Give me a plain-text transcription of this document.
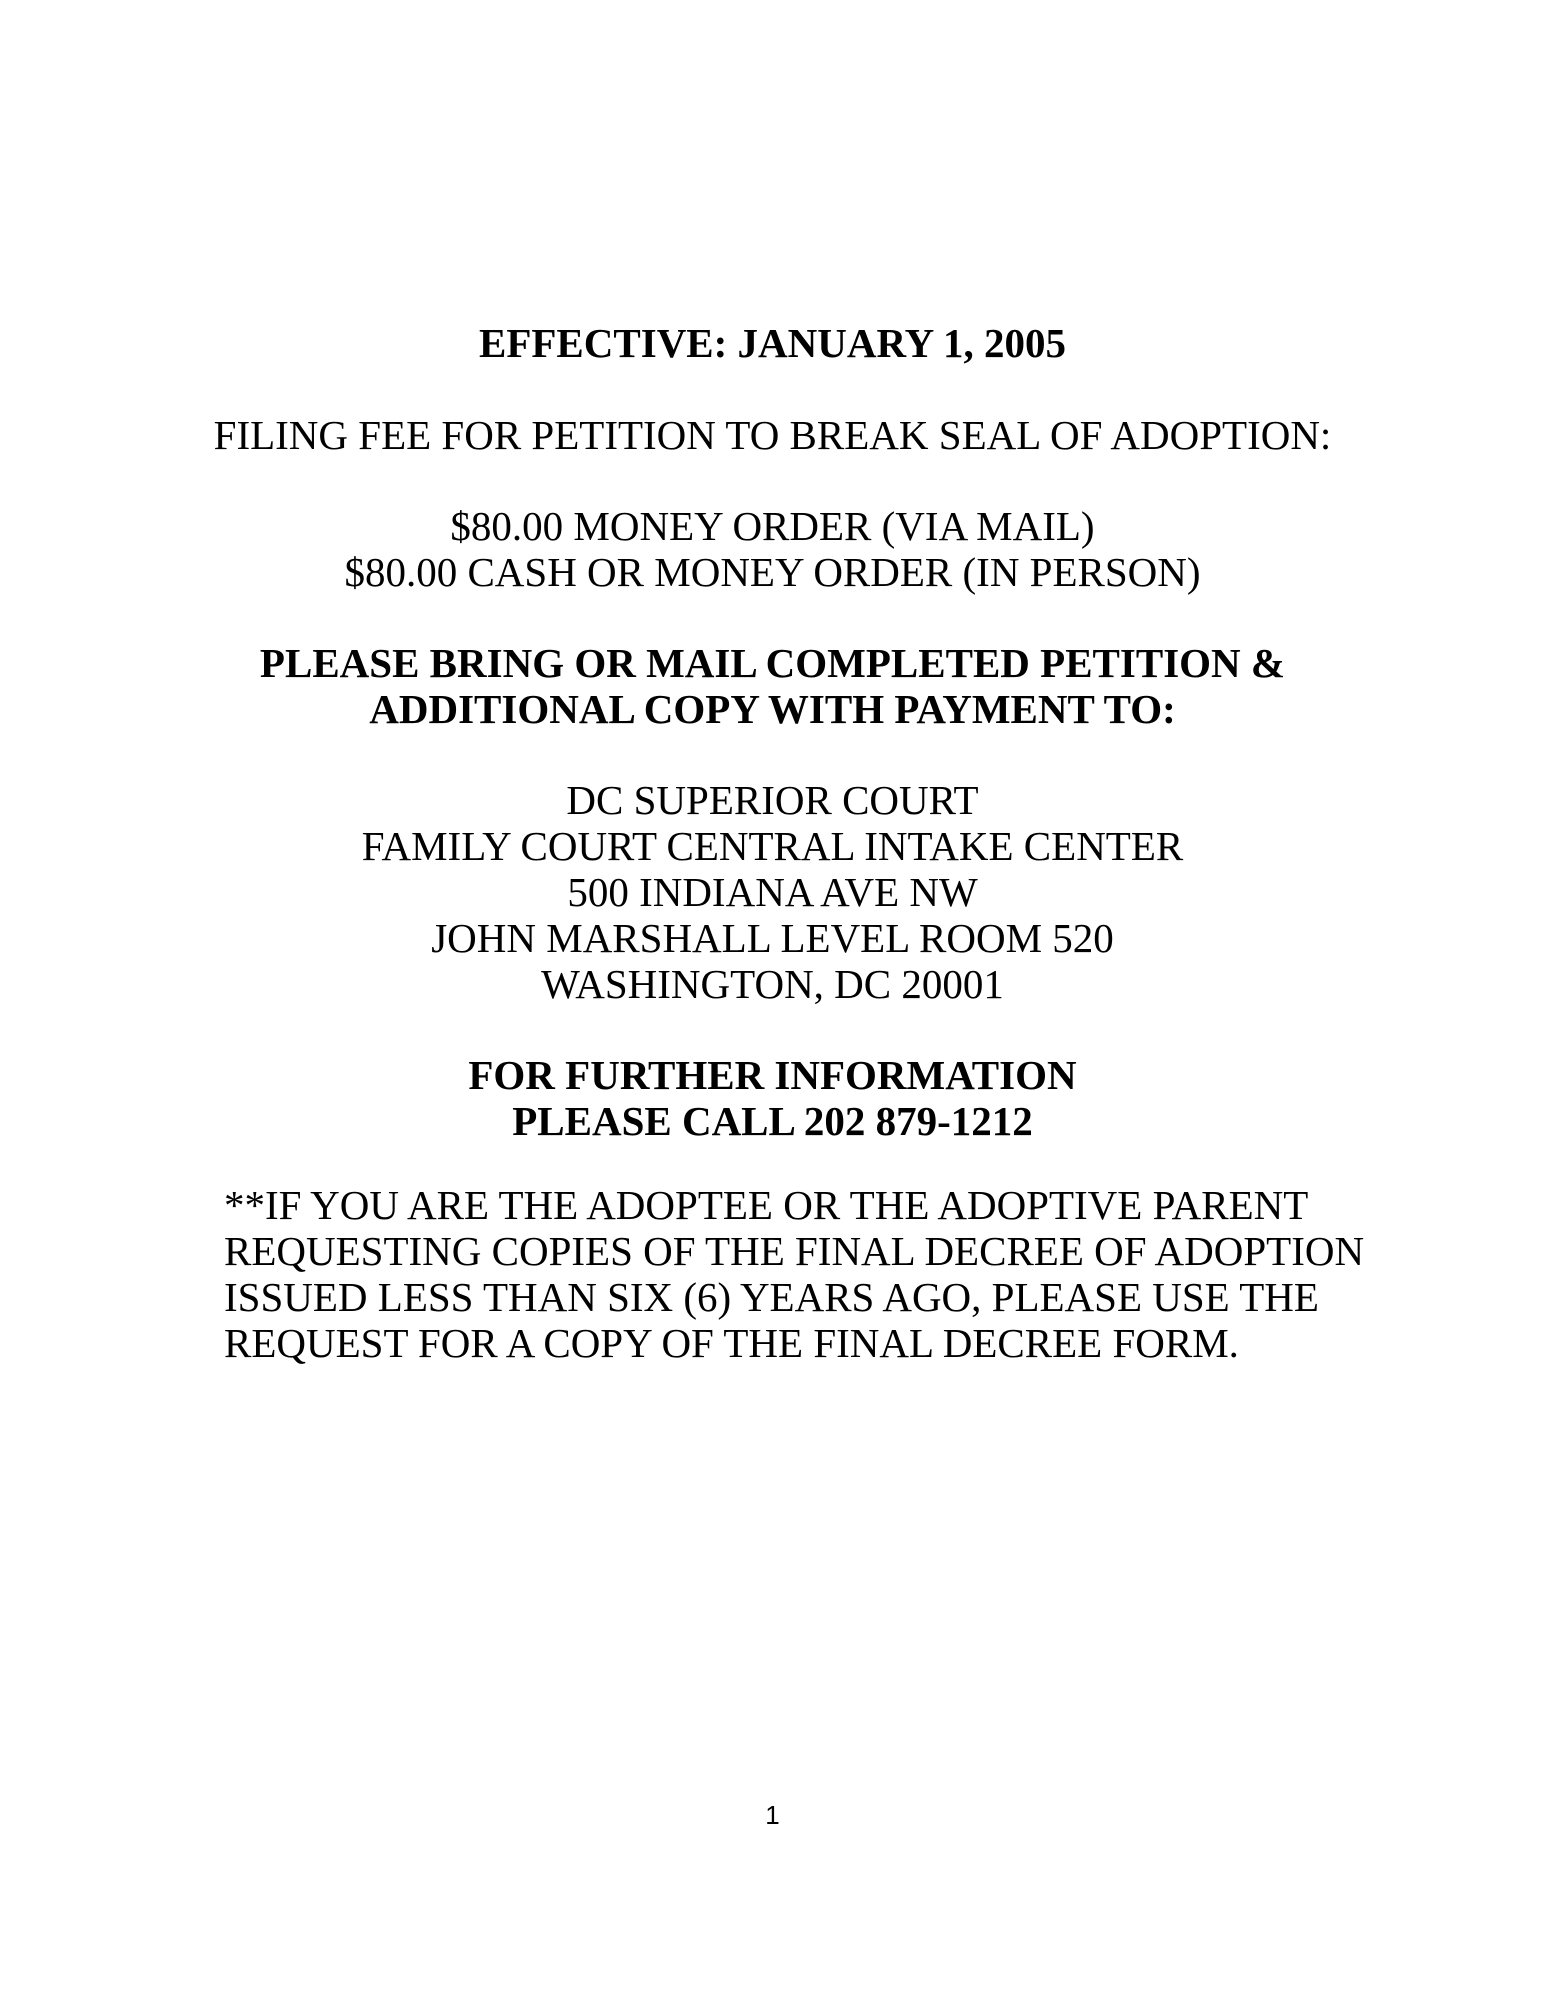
EFFECTIVE: JANUARY 1, 2005
FILING FEE FOR PETITION TO BREAK SEAL OF ADOPTION:
$80.00 MONEY ORDER (VIA MAIL)
$80.00 CASH OR MONEY ORDER (IN PERSON)
PLEASE BRING OR MAIL COMPLETED PETITION &
ADDITIONAL COPY WITH PAYMENT TO:
DC SUPERIOR COURT
FAMILY COURT CENTRAL INTAKE CENTER
500 INDIANA AVE NW
JOHN MARSHALL LEVEL ROOM 520
WASHINGTON, DC 20001
FOR FURTHER INFORMATION
PLEASE CALL 202 879-1212
**IF YOU ARE THE ADOPTEE OR THE ADOPTIVE PARENT
REQUESTING COPIES OF THE FINAL DECREE OF ADOPTION
ISSUED LESS THAN SIX (6) YEARS AGO, PLEASE USE THE
REQUEST FOR A COPY OF THE FINAL DECREE FORM.
1
